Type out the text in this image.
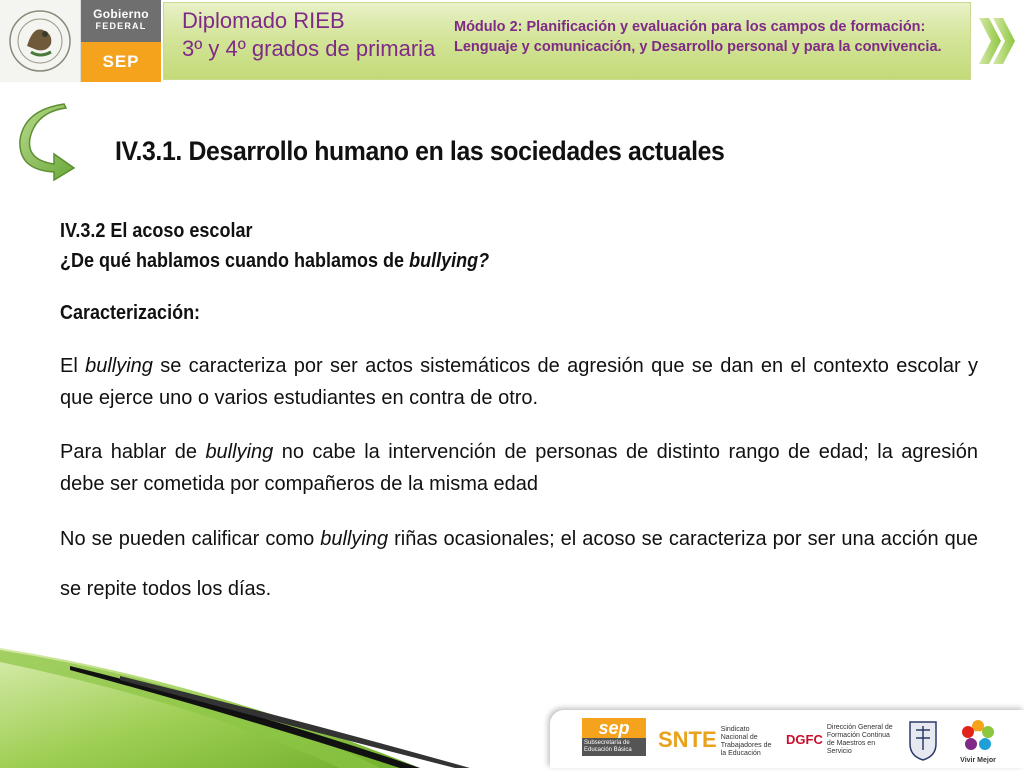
Gobierno
FEDERAL
SEP
Diplomado RIEB
3º y 4º grados de primaria
Módulo 2: Planificación y evaluación para los campos de formación:
Lenguaje y comunicación, y Desarrollo personal y para la convivencia.
IV.3.1. Desarrollo humano en las sociedades actuales

IV.3.2 El acoso escolar

¿De qué hablamos cuando hablamos de bullying?

Caracterización:

El bullying se caracteriza por ser actos sistemáticos de agresión que se dan en el contexto escolar y que ejerce uno o varios estudiantes en contra de otro.

Para hablar de bullying no cabe la intervención de personas de distinto rango de edad; la agresión debe ser cometida por compañeros de la misma edad

No se pueden calificar como bullying riñas ocasionales; el acoso se caracteriza por ser una acción que se repite todos los días.

sep
Subsecretaría de Educación Básica	SNTE Sindicato Nacional de Trabajadores de la Educación
DGFC
Dirección General de Formación Continua de Maestros en Servicio
Vivir Mejor
